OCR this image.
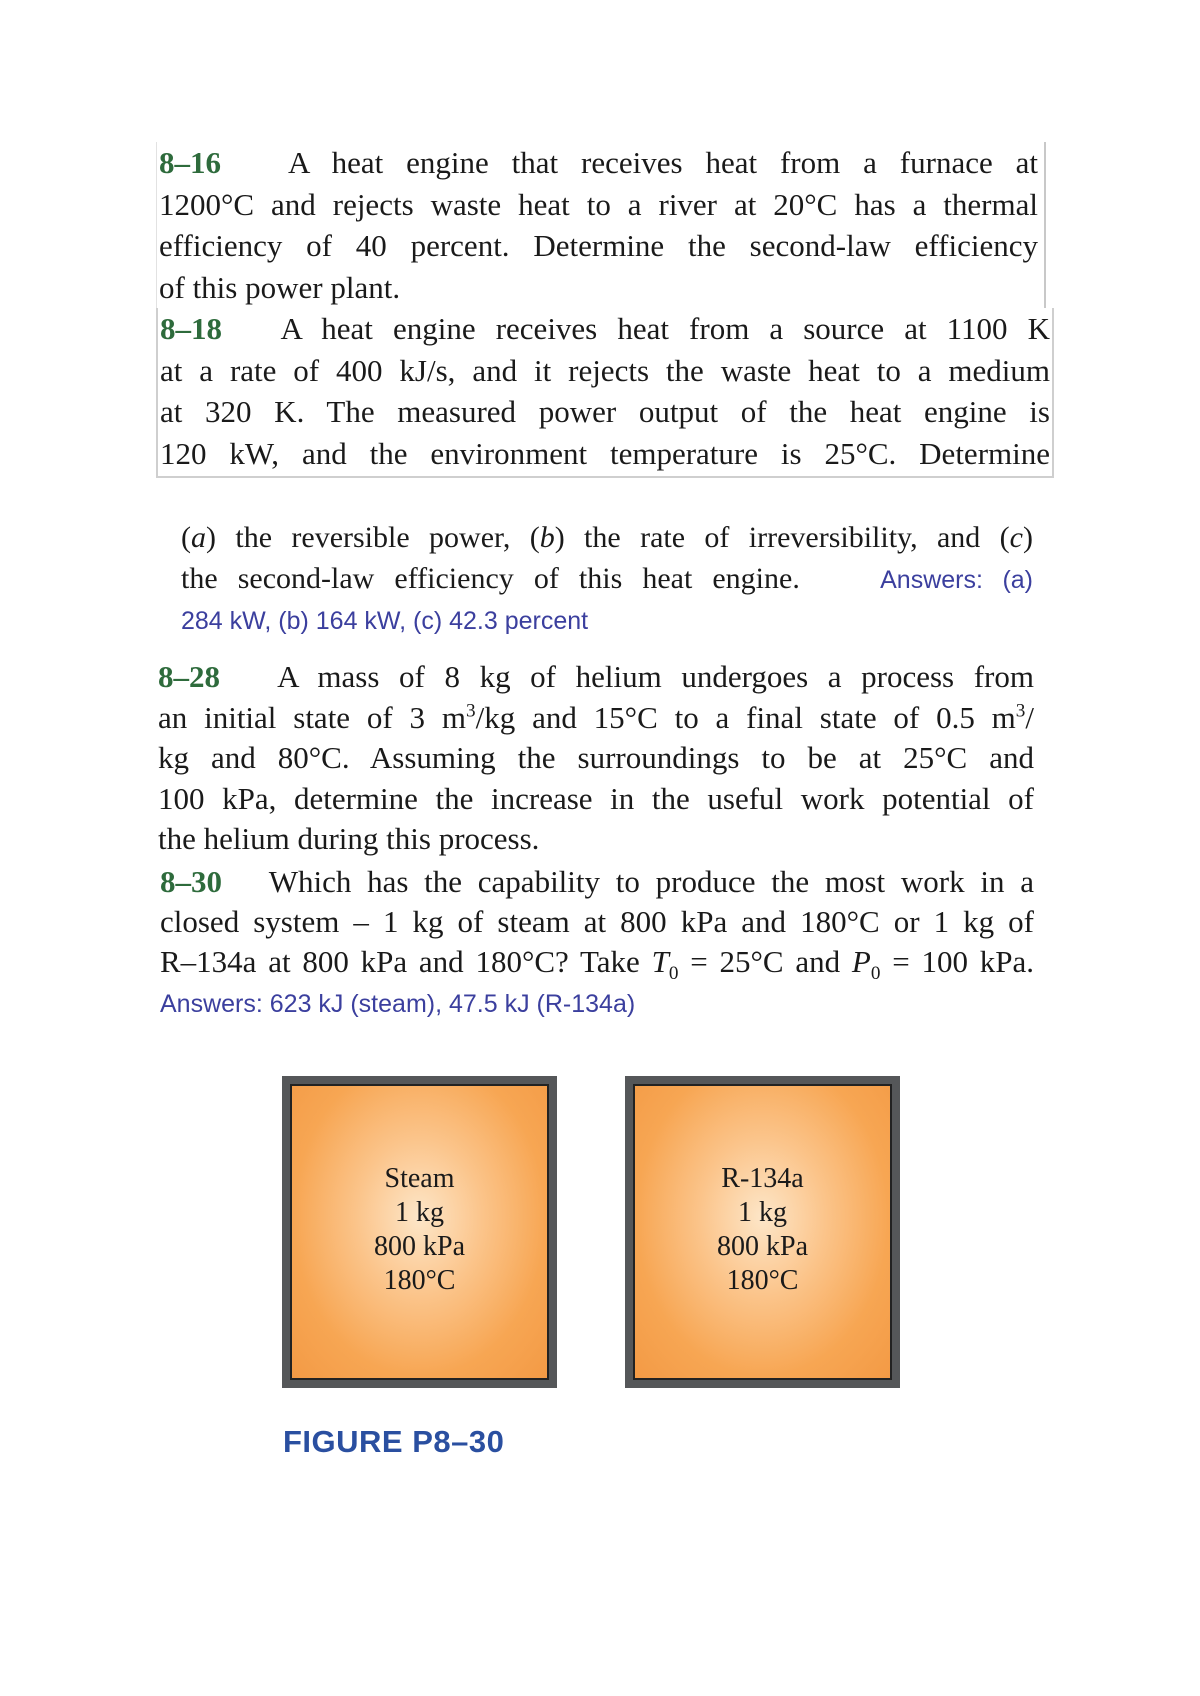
8–16 A heat engine that receives heat from a furnace at
1200°C and rejects waste heat to a river at 20°C has a thermal
efficiency of 40 percent. Determine the second-law efficiency
of this power plant.
8–18 A heat engine receives heat from a source at 1100 K
at a rate of 400 kJ/s, and it rejects the waste heat to a medium
at 320 K. The measured power output of the heat engine is
120 kW, and the environment temperature is 25°C. Determine
(a) the reversible power, (b) the rate of irreversibility, and (c)
the second-law efficiency of this heat engine.	Answers: (a)
284 kW, (b) 164 kW, (c) 42.3 percent
8–28 A mass of 8 kg of helium undergoes a process from
an initial state of 3 $m^3/kg$ and 15°C to a final state of 0.5 $m^3/$
kg and 80°C. Assuming the surroundings to be at 25°C and
100 kPa, determine the increase in the useful work potential of
the helium during this process.
8–30 Which has the capability to produce the most work in a
closed system – 1 kg of steam at 800 kPa and 180°C or 1 kg of
R–134a at 800 kPa and 180°C? Take $T_0 = 25^\circ C$ and $P_0 = 100$ kPa.
Answers: 623 kJ (steam), 47.5 kJ (R-134a)
Steam
1 kg
800 kPa
180°C
R-134a
1 kg
800 kPa
180°C
FIGURE P8–30
